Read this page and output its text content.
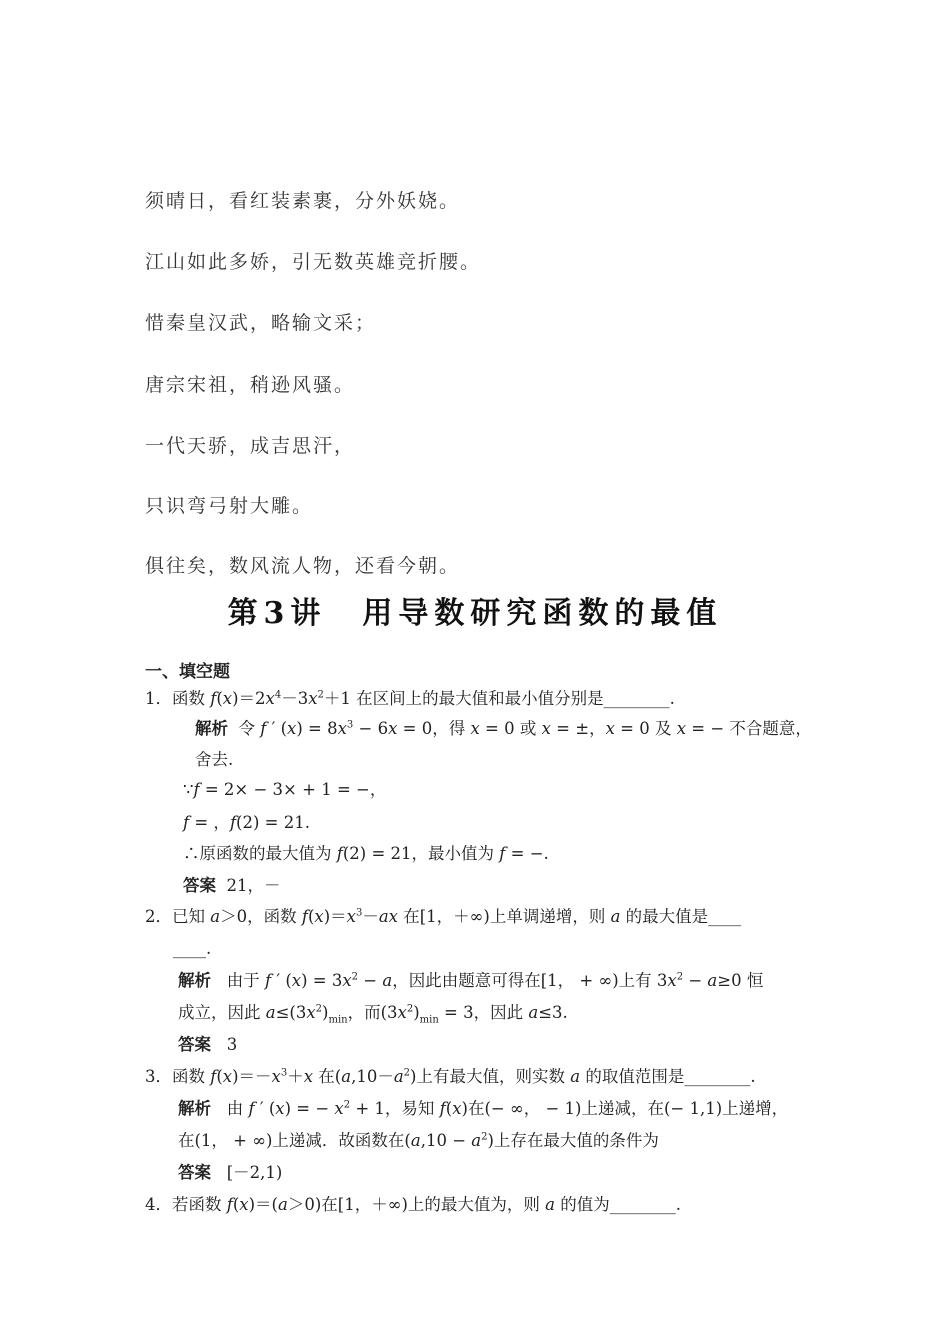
须晴日，看红装素裹，分外妖娆。
江山如此多娇，引无数英雄竞折腰。
惜秦皇汉武，略输文采；
唐宗宋祖，稍逊风骚。
一代天骄，成吉思汗，
只识弯弓射大雕。
俱往矣，数风流人物，还看今朝。
第3讲　用导数研究函数的最值
一、填空题
1．函数 $f(x)=2x^4-3x^2+1$ 在区间上的最大值和最小值分别是________.
解析  令 f ′ $(x) = 8x^3 - 6x = 0$，得 x = 0 或 x = ±，x = 0 及 x = − 不合题意，
舍去.
∵f = 2× − 3× + 1 = −，
f = ，f(2) = 21.
∴原函数的最大值为 f(2) = 21，最小值为 f = −.
答案 21，－
2．已知 a＞0，函数 $f(x)=x^3-ax$ 在[1，＋∞)上单调递增，则 a 的最大值是____
____.
解析   由于 f ′ $(x) = 3x^2 - a$，因此由题意可得在[1， + ∞)上有 $3x^2 - a\ge 0$ 恒
成立，因此 $a\le(3x^2)_{min}$，而$(3x^2)_{min} = 3$，因此 a≤3.
答案 3
3．函数 $f(x)=-x^3+x$ 在$(a,10-a^2)$上有最大值，则实数 a 的取值范围是________.
解析   由 f ′ (x) = − $x^2 + 1$，易知 f(x)在(− ∞， − 1)上递减，在(− 1,1)上递增，
在(1， + ∞)上递减．故函数在$(a,10 - a^2)$上存在最大值的条件为
答案 [－2,1)
4．若函数 f(x)＝(a＞0)在[1，＋∞)上的最大值为，则 a 的值为________.
